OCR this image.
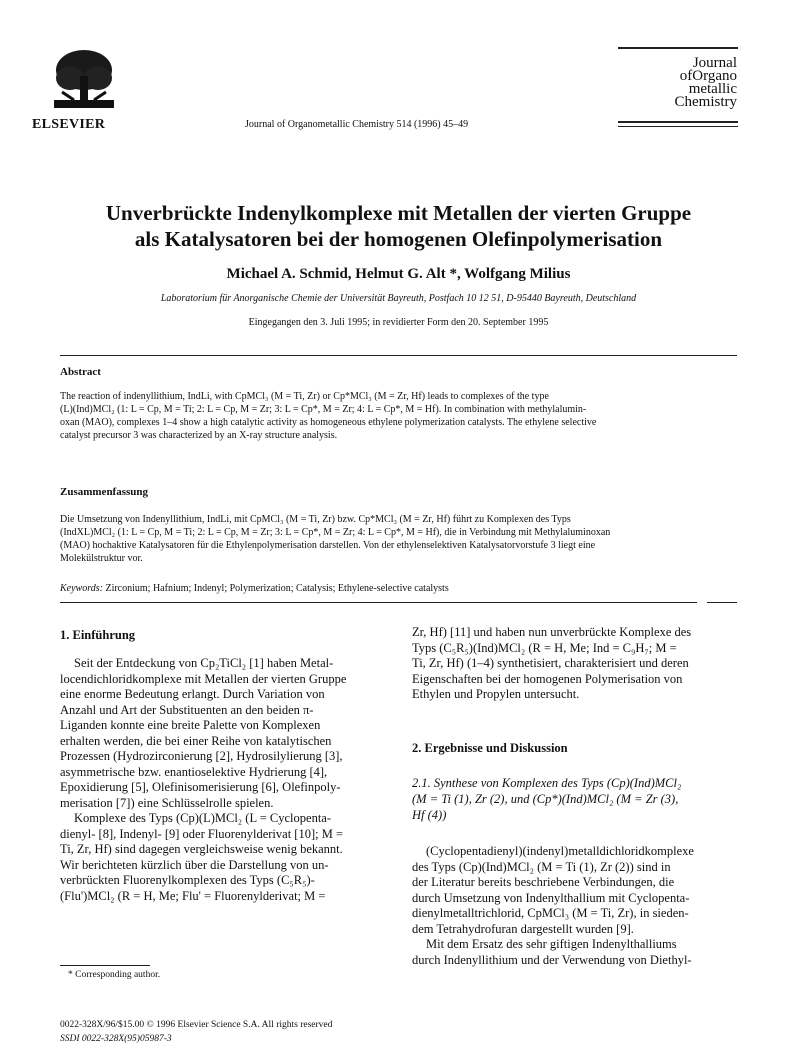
ELSEVIER	Journal of Organometallic Chemistry 514 (1996) 45–49
Journal
ofOrgano
metallic
Chemistry
Unverbrückte Indenylkomplexe mit Metallen der vierten Gruppe
als Katalysatoren bei der homogenen Olefinpolymerisation
Michael A. Schmid, Helmut G. Alt *, Wolfgang Milius
Laboratorium für Anorganische Chemie der Universität Bayreuth, Postfach 10 12 51, D-95440 Bayreuth, Deutschland
Eingegangen den 3. Juli 1995; in revidierter Form den 20. September 1995
Abstract
The reaction of indenyllithium, IndLi, with CpMCl₃ (M = Ti, Zr) or Cp*MCl₃ (M = Zr, Hf) leads to complexes of the type
(L)(Ind)MCl₂ (1: L = Cp, M = Ti; 2: L = Cp, M = Zr; 3: L = Cp*, M = Zr; 4: L = Cp*, M = Hf). In combination with methylalumin-
oxan (MAO), complexes 1–4 show a high catalytic activity as homogeneous ethylene polymerization catalysts. The ethylene selective
catalyst precursor 3 was characterized by an X-ray structure analysis.
Zusammenfassung
Die Umsetzung von Indenyllithium, IndLi, mit CpMCl₃ (M = Ti, Zr) bzw. Cp*MCl₃ (M = Zr, Hf) führt zu Komplexen des Typs
(IndXL)MCl₂ (1: L = Cp, M = Ti; 2: L = Cp, M = Zr; 3: L = Cp*, M = Zr; 4: L = Cp*, M = Hf), die in Verbindung mit Methylaluminoxan
(MAO) hochaktive Katalysatoren für die Ethylenpolymerisation darstellen. Von der ethylenselektiven Katalysatorvorstufe 3 liegt eine
Molekülstruktur vor.
Keywords: Zirconium; Hafnium; Indenyl; Polymerization; Catalysis; Ethylene-selective catalysts
1. Einführung
Seit der Entdeckung von Cp₂TiCl₂ [1] haben Metal-
locendichloridkomplexe mit Metallen der vierten Gruppe
eine enorme Bedeutung erlangt. Durch Variation von
Anzahl und Art der Substituenten an den beiden π-
Liganden konnte eine breite Palette von Komplexen
erhalten werden, die bei einer Reihe von katalytischen
Prozessen (Hydrozirconierung [2], Hydrosilylierung [3],
asymmetrische bzw. enantioselektive Hydrierung [4],
Epoxidierung [5], Olefinisomerisierung [6], Olefinpoly-
merisation [7]) eine Schlüsselrolle spielen.
Komplexe des Typs (Cp)(L)MCl₂ (L = Cyclopenta-
dienyl- [8], Indenyl- [9] oder Fluorenylderivat [10]; M =
Ti, Zr, Hf) sind dagegen vergleichsweise wenig bekannt.
Wir berichteten kürzlich über die Darstellung von un-
verbrückten Fluorenylkomplexen des Typs (C₅R₅)-
(Flu')MCl₂ (R = H, Me; Flu' = Fluorenylderivat; M =
* Corresponding author.
0022-328X/96/$15.00 © 1996 Elsevier Science S.A. All rights reserved
SSDI 0022-328X(95)05987-3
Zr, Hf) [11] und haben nun unverbrückte Komplexe des
Typs (C₅R₅)(Ind)MCl₂ (R = H, Me; Ind = C₉H₇; M =
Ti, Zr, Hf) (1–4) synthetisiert, charakterisiert und deren
Eigenschaften bei der homogenen Polymerisation von
Ethylen und Propylen untersucht.
2. Ergebnisse und Diskussion
2.1. Synthese von Komplexen des Typs (Cp)(Ind)MCl₂
(M = Ti (1), Zr (2), und (Cp*)(Ind)MCl₂ (M = Zr (3),
Hf (4))
(Cyclopentadienyl)(indenyl)metalldichloridkomplexe
des Typs (Cp)(Ind)MCl₂ (M = Ti (1), Zr (2)) sind in
der Literatur bereits beschriebene Verbindungen, die
durch Umsetzung von Indenylthallium mit Cyclopenta-
dienylmetalltrichlorid, CpMCl₃ (M = Ti, Zr), in sieden-
dem Tetrahydrofuran dargestellt wurden [9].
Mit dem Ersatz des sehr giftigen Indenylthalliums
durch Indenyllithium und der Verwendung von Diethyl-
